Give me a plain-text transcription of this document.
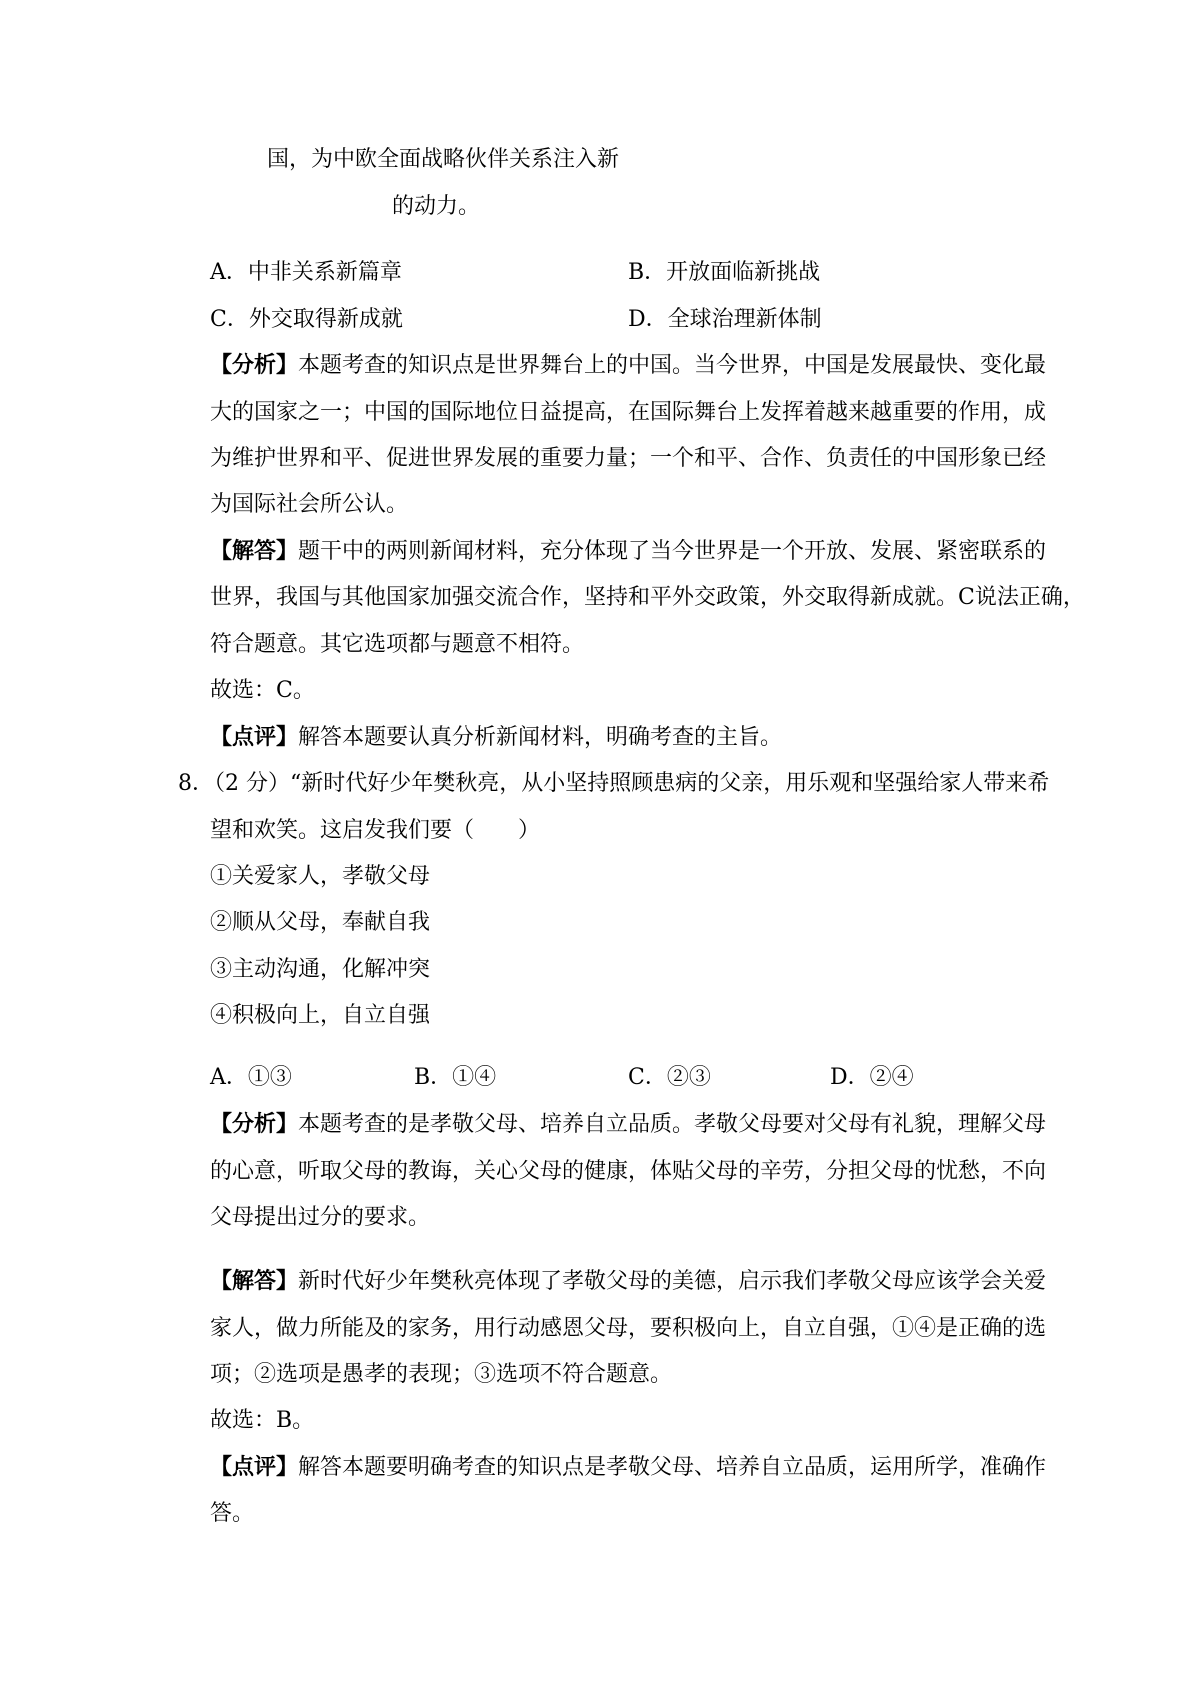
国，为中欧全面战略伙伴关系注入新
的动力。
A．中非关系新篇章	B．开放面临新挑战
C．外交取得新成就	D．全球治理新体制
【分析】本题考查的知识点是世界舞台上的中国。当今世界，中国是发展最快、变化最
大的国家之一；中国的国际地位日益提高，在国际舞台上发挥着越来越重要的作用，成
为维护世界和平、促进世界发展的重要力量；一个和平、合作、负责任的中国形象已经
为国际社会所公认。
【解答】题干中的两则新闻材料，充分体现了当今世界是一个开放、发展、紧密联系的
世界，我国与其他国家加强交流合作，坚持和平外交政策，外交取得新成就。C说法正确，
符合题意。其它选项都与题意不相符。
故选：C。
【点评】解答本题要认真分析新闻材料，明确考查的主旨。
8．（2 分）“新时代好少年樊秋亮，从小坚持照顾患病的父亲，用乐观和坚强给家人带来希
望和欢笑。这启发我们要（　　）
①关爱家人，孝敬父母
②顺从父母，奉献自我
③主动沟通，化解冲突
④积极向上，自立自强
A．①③	B．①④	C．②③	D．②④
【分析】本题考查的是孝敬父母、培养自立品质。孝敬父母要对父母有礼貌，理解父母
的心意，听取父母的教诲，关心父母的健康，体贴父母的辛劳，分担父母的忧愁，不向
父母提出过分的要求。
【解答】新时代好少年樊秋亮体现了孝敬父母的美德，启示我们孝敬父母应该学会关爱
家人，做力所能及的家务，用行动感恩父母，要积极向上，自立自强，①④是正确的选
项；②选项是愚孝的表现；③选项不符合题意。
故选：B。
【点评】解答本题要明确考查的知识点是孝敬父母、培养自立品质，运用所学，准确作
答。
